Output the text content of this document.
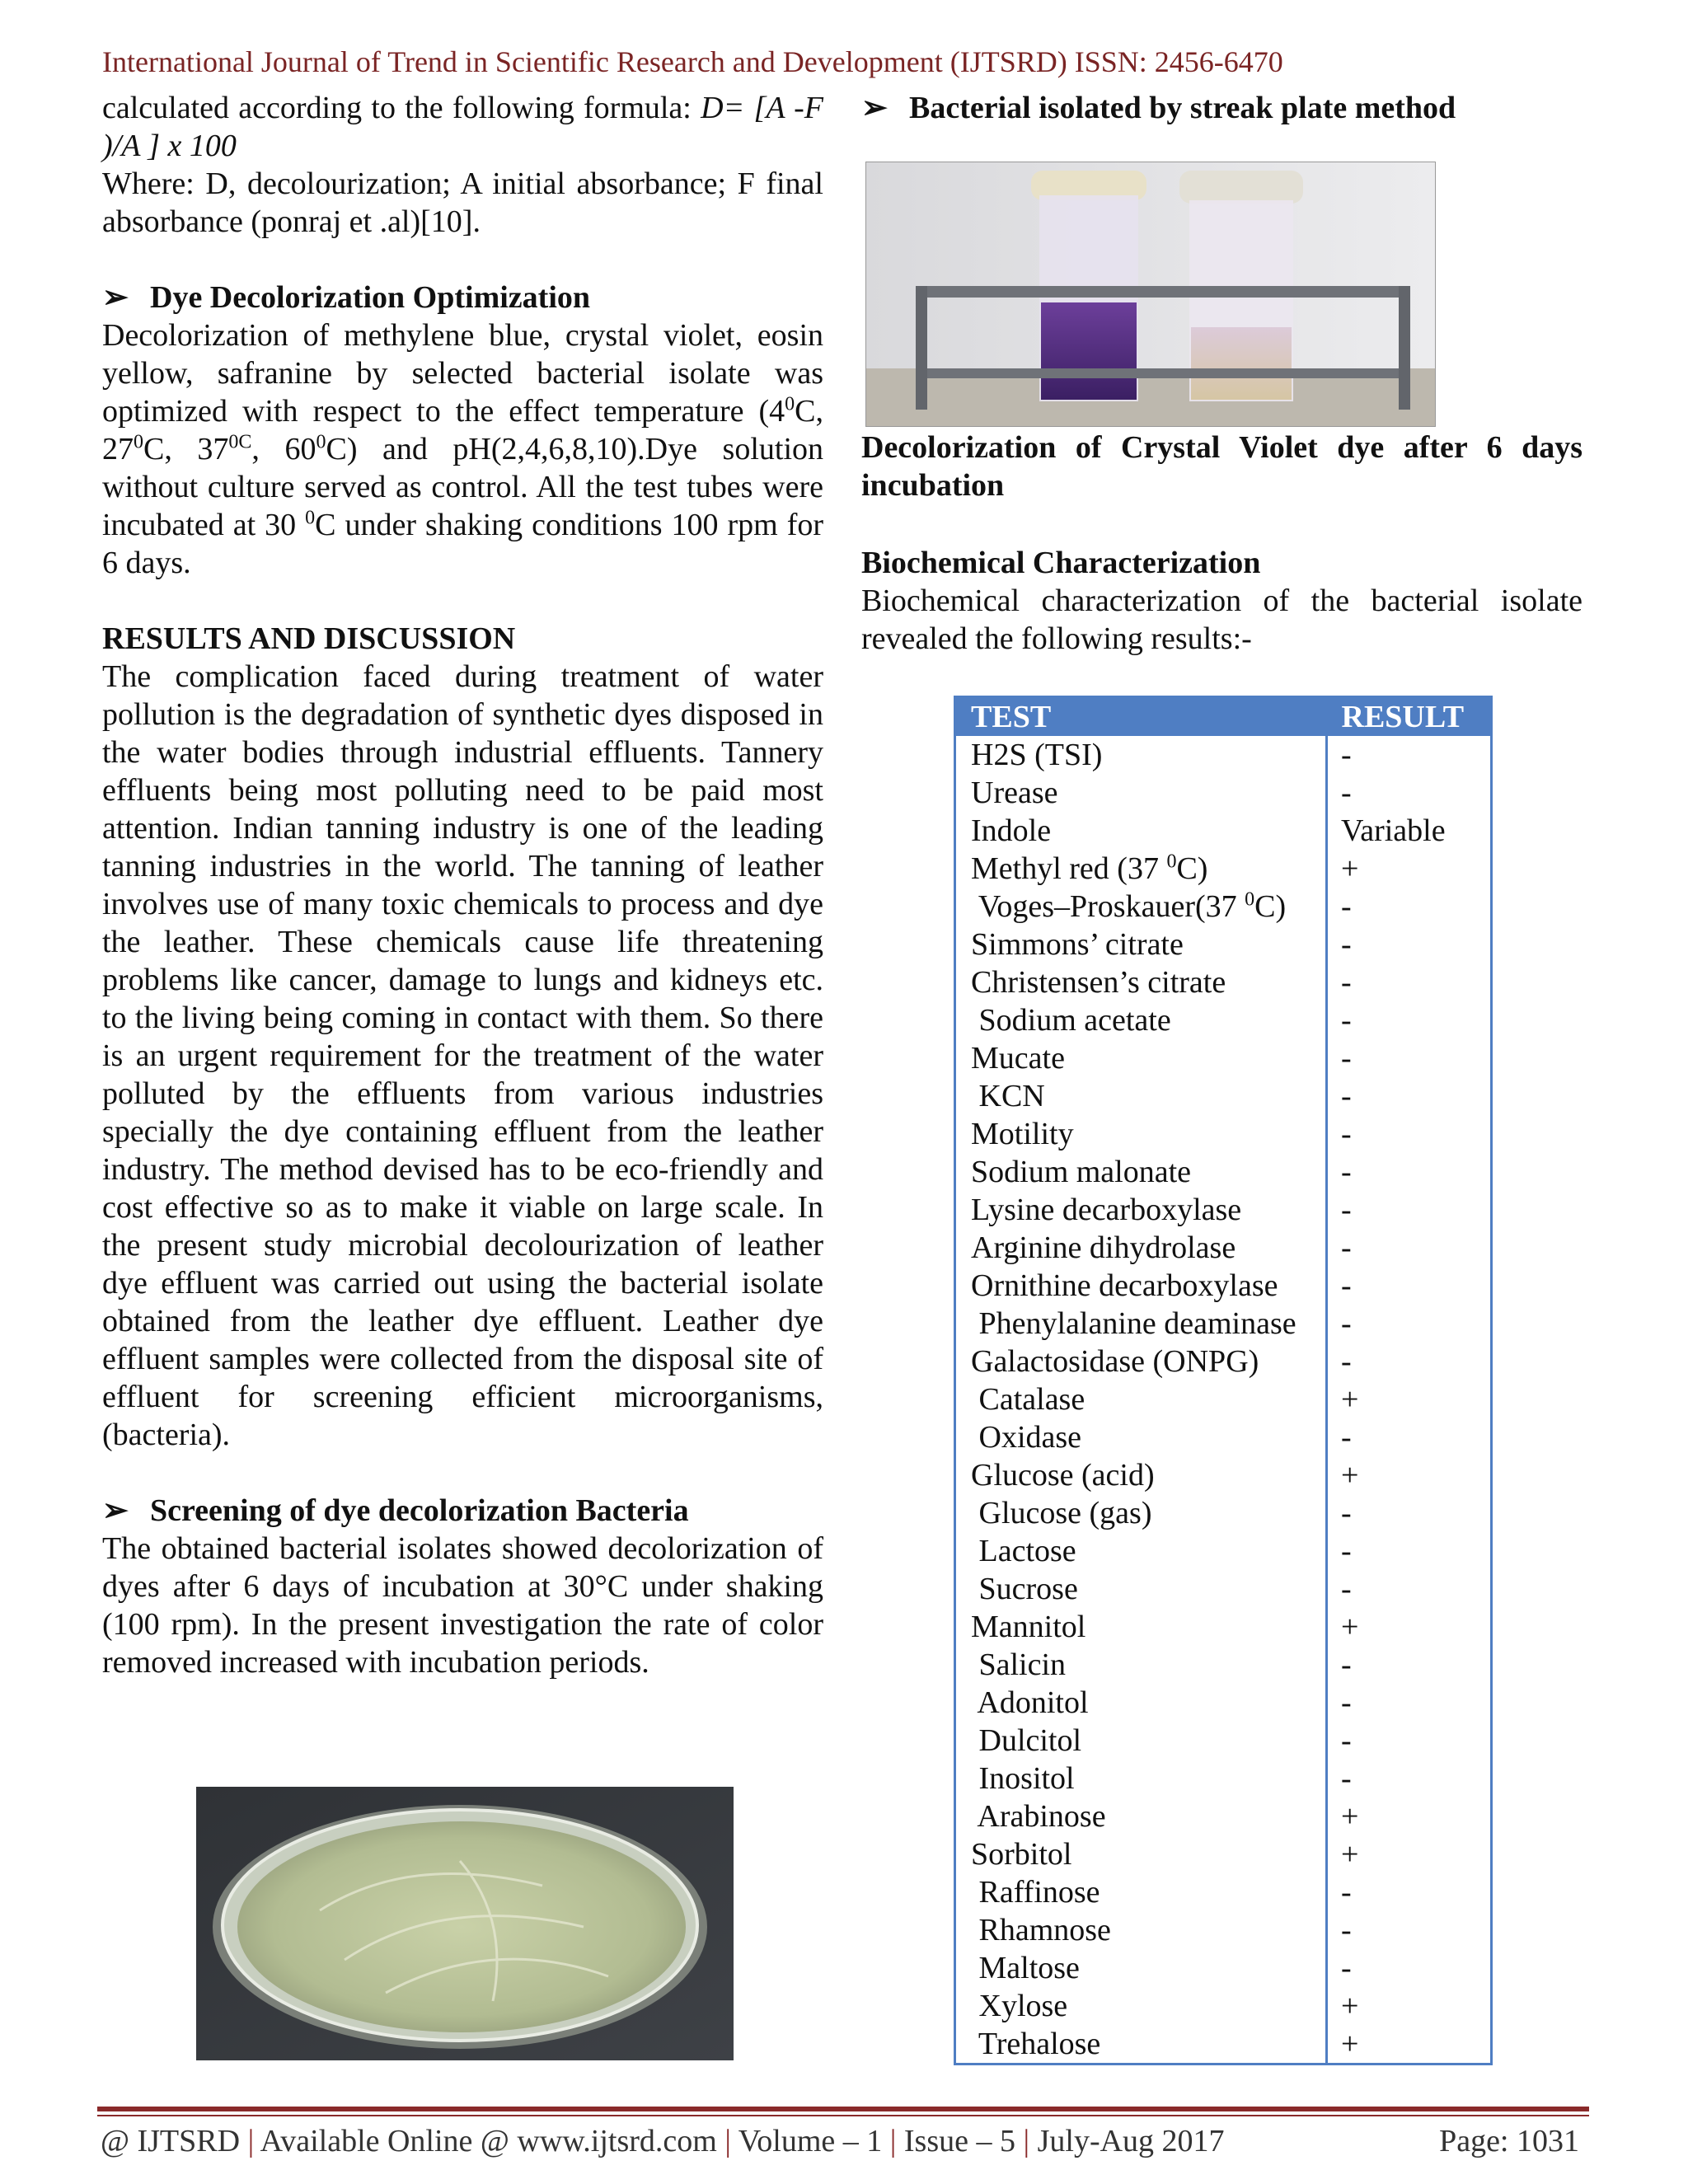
International Journal of Trend in Scientific Research and Development (IJTSRD) ISSN: 2456-6470

calculated according to the following formula: D= [A -F )/A ] x 100

Where: D, decolourization; A initial absorbance; F final absorbance (ponraj et .al)[10].

➢ Dye Decolorization Optimization

Decolorization of methylene blue, crystal violet, eosin yellow, safranine by selected bacterial isolate was optimized with respect to the effect temperature ($4^0C$, $27^0C$, $37^{0C}$, $60^0C$) and pH(2,4,6,8,10).Dye solution without culture served as control. All the test tubes were incubated at 30 $^0$C under shaking conditions 100 rpm for 6 days.

RESULTS AND DISCUSSION

The complication faced during treatment of water pollution is the degradation of synthetic dyes disposed in the water bodies through industrial effluents. Tannery effluents being most polluting need to be paid most attention. Indian tanning industry is one of the leading tanning industries in the world. The tanning of leather involves use of many toxic chemicals to process and dye the leather. These chemicals cause life threatening problems like cancer, damage to lungs and kidneys etc. to the living being coming in contact with them. So there is an urgent requirement for the treatment of the water polluted by the effluents from various industries specially the dye containing effluent from the leather industry. The method devised has to be eco-friendly and cost effective so as to make it viable on large scale. In the present study microbial decolourization of leather dye effluent was carried out using the bacterial isolate obtained from the leather dye effluent. Leather dye effluent samples were collected from the disposal site of effluent for screening efficient microorganisms, (bacteria).

➢ Screening of dye decolorization Bacteria

The obtained bacterial isolates showed decolorization of dyes after 6 days of incubation at 30°C under shaking (100 rpm). In the present investigation the rate of color removed increased with incubation periods.

➢ Bacterial isolated by streak plate method

Decolorization of Crystal Violet dye after 6 days incubation

Biochemical Characterization

Biochemical characterization of the bacterial isolate revealed the following results:-

TEST	RESULT
H2S (TSI)	-
Urease	-
Indole	Variable
Methyl red (37 $^0$C)	+
Voges–Proskauer(37 $^0$C)	-
Simmons’ citrate	-
Christensen’s citrate	-
Sodium acetate	-
Mucate	-
KCN	-
Motility	-
Sodium malonate	-
Lysine decarboxylase	-
Arginine dihydrolase	-
Ornithine decarboxylase	-
Phenylalanine deaminase	-
Galactosidase (ONPG)	-
Catalase	+
Oxidase	-
Glucose (acid)	+
Glucose (gas)	-
Lactose	-
Sucrose	-
Mannitol	+
Salicin	-
Adonitol	-
Dulcitol	-
Inositol	-
Arabinose	+
Sorbitol	+
Raffinose	-
Rhamnose	-
Maltose	-
Xylose	+
Trehalose	+
@ IJTSRD | Available Online @ www.ijtsrd.com | Volume – 1 | Issue – 5 | July-Aug 2017	Page: 1031
